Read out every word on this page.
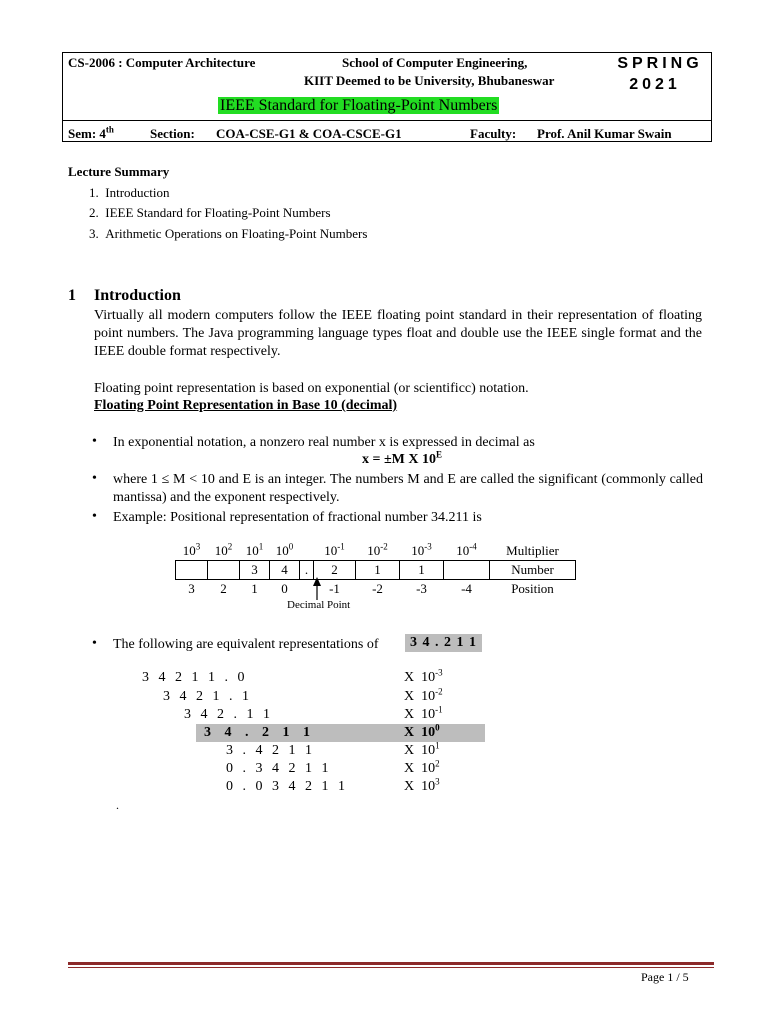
CS-2006 : Computer Architecture	School of Computer Engineering,
KIIT Deemed to be University, Bhubaneswar
SPRING
2021
IEEE Standard for Floating-Point Numbers
Sem: 4th	Section: COA-CSE-G1 & COA-CSCE-G1	Faculty: Prof. Anil Kumar Swain
Lecture Summary
1. Introduction
2. IEEE Standard for Floating-Point Numbers
3. Arithmetic Operations on Floating-Point Numbers
1 Introduction
Virtually all modern computers follow the IEEE floating point standard in their representation of floating point numbers. The Java programming language types float and double use the IEEE single format and the IEEE double format respectively.
Floating point representation is based on exponential (or scientificc) notation.
Floating Point Representation in Base 10 (decimal)
• In exponential notation, a nonzero real number x is expressed in decimal as
x = ±M X $10^E$
• where 1 ≤ M < 10 and E is an integer. The numbers M and E are called the significant (commonly called mantissa) and the exponent respectively.
• Example: Positional representation of fractional number 34.211 is
$10^3$	$10^2$	$10^1$	$10^0$		$10^{-1}$	$10^{-2}$	$10^{-3}$	$10^{-4}$	Multiplier
		3	4	.	2	1	1		Number
3	2	1	0		-1	-2	-3	-4	Position
Decimal Point
• The following are equivalent representations of	3 4 . 2 1 1
3 4 2 1 1 . 0	X $10^{-3}$
3 4 2 1 . 1	X $10^{-2}$
3 4 2 . 1 1	X $10^{-1}$
3 4 . 2 1 1	X $10^0$
3 . 4 2 1 1	X $10^1$
0 . 3 4 2 1 1	X $10^2$
0 . 0 3 4 2 1 1	X $10^3$
.
Page 1 / 5
